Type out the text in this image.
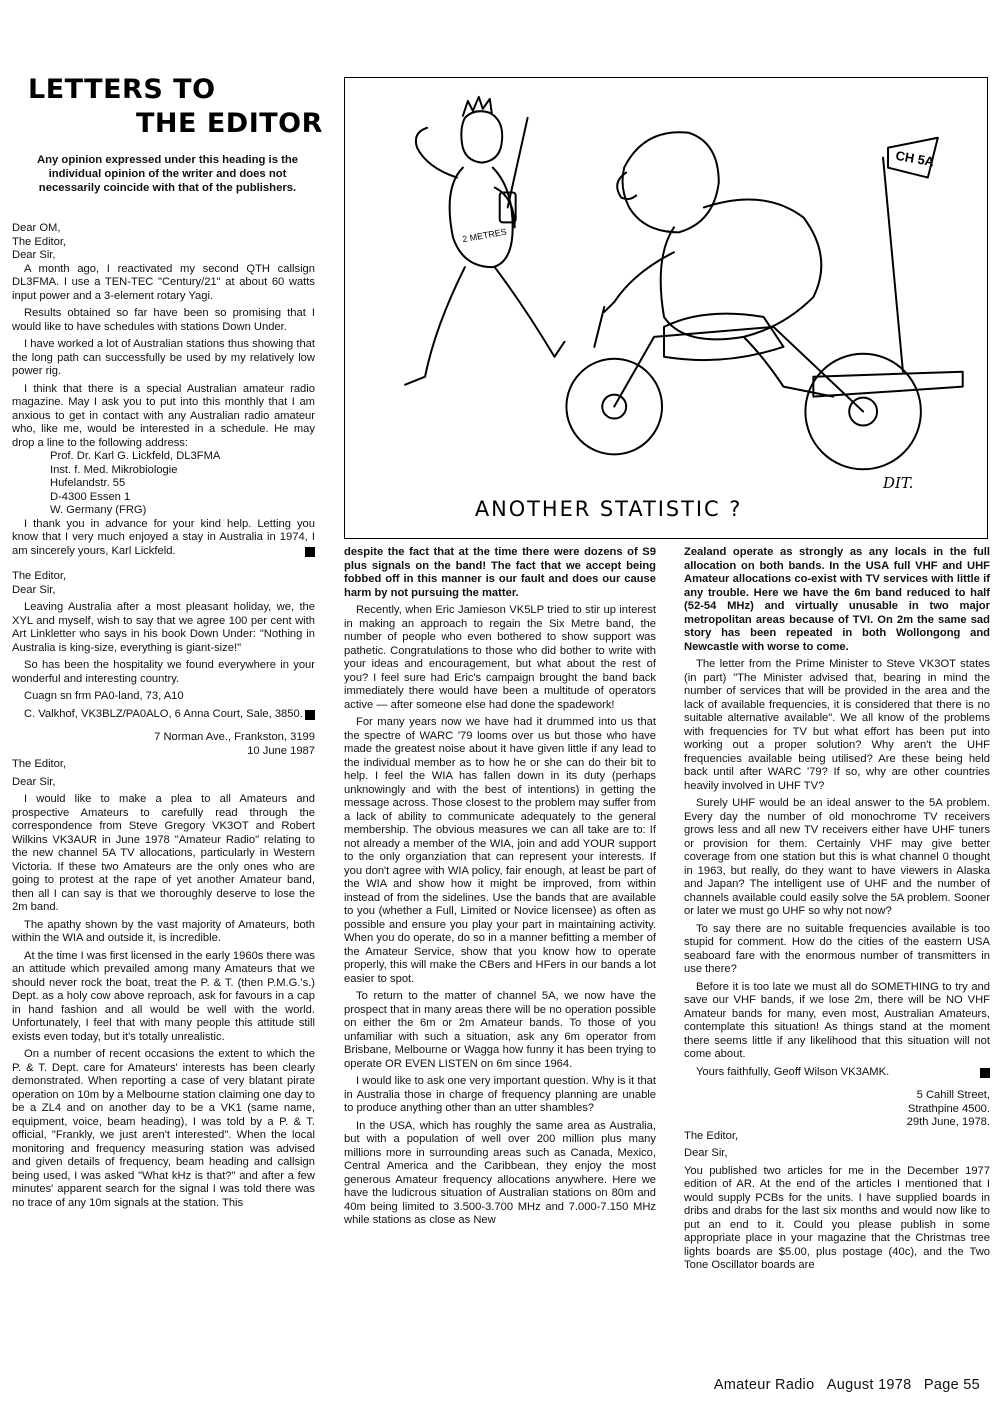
LETTERS TO
THE EDITOR
Any opinion expressed under this heading is the individual opinion of the writer and does not necessarily coincide with that of the publishers.

Dear OM,

The Editor,

Dear Sir,

A month ago, I reactivated my second QTH callsign DL3FMA. I use a TEN-TEC "Century/21" at about 60 watts input power and a 3-element rotary Yagi.

Results obtained so far have been so promising that I would like to have schedules with stations Down Under.

I have worked a lot of Australian stations thus showing that the long path can successfully be used by my relatively low power rig.

I think that there is a special Australian amateur radio magazine. May I ask you to put into this monthly that I am anxious to get in contact with any Australian radio amateur who, like me, would be interested in a schedule. He may drop a line to the following address:

Prof. Dr. Karl G. Lickfeld, DL3FMA

Inst. f. Med. Mikrobiologie

Hufelandstr. 55

D-4300 Essen 1

W. Germany (FRG)

I thank you in advance for your kind help. Letting you know that I very much enjoyed a stay in Australia in 1974, I am sincerely yours, Karl Lickfeld.

The Editor,

Dear Sir,

Leaving Australia after a most pleasant holiday, we, the XYL and myself, wish to say that we agree 100 per cent with Art Linkletter who says in his book Down Under: "Nothing in Australia is king-size, everything is giant-size!"

So has been the hospitality we found everywhere in your wonderful and interesting country.

Cuagn sn frm PA0-land, 73, A10

C. Valkhof, VK3BLZ/PA0ALO, 6 Anna Court, Sale, 3850.

7 Norman Ave., Frankston, 3199

10 June 1987

The Editor,

Dear Sir,

I would like to make a plea to all Amateurs and prospective Amateurs to carefully read through the correspondence from Steve Gregory VK3OT and Robert Wilkins VK3AUR in June 1978 "Amateur Radio" relating to the new channel 5A TV allocations, particularly in Western Victoria. If these two Amateurs are the only ones who are going to protest at the rape of yet another Amateur band, then all I can say is that we thoroughly deserve to lose the 2m band.

The apathy shown by the vast majority of Amateurs, both within the WIA and outside it, is incredible.

At the time I was first licensed in the early 1960s there was an attitude which prevailed among many Amateurs that we should never rock the boat, treat the P. & T. (then P.M.G.'s.) Dept. as a holy cow above reproach, ask for favours in a cap in hand fashion and all would be well with the world. Unfortunately, I feel that with many people this attitude still exists even today, but it's totally unrealistic.

On a number of recent occasions the extent to which the P. & T. Dept. care for Amateurs' interests has been clearly demonstrated. When reporting a case of very blatant pirate operation on 10m by a Melbourne station claiming one day to be a ZL4 and on another day to be a VK1 (same name, equipment, voice, beam heading), I was told by a P. & T. official, "Frankly, we just aren't interested". When the local monitoring and frequency measuring station was advised and given details of frequency, beam heading and callsign being used, I was asked "What kHz is that?" and after a few minutes' apparent search for the signal I was told there was no trace of any 10m signals at the station. This

2 METRES
CH 5A
DIT.
ANOTHER STATISTIC ?

despite the fact that at the time there were dozens of S9 plus signals on the band! The fact that we accept being fobbed off in this manner is our fault and does our cause harm by not pursuing the matter.

Recently, when Eric Jamieson VK5LP tried to stir up interest in making an approach to regain the Six Metre band, the number of people who even bothered to show support was pathetic. Congratulations to those who did bother to write with your ideas and encouragement, but what about the rest of you? I feel sure had Eric's campaign brought the band back immediately there would have been a multitude of operators active — after someone else had done the spadework!

For many years now we have had it drummed into us that the spectre of WARC '79 looms over us but those who have made the greatest noise about it have given little if any lead to the individual member as to how he or she can do their bit to help. I feel the WIA has fallen down in its duty (perhaps unknowingly and with the best of intentions) in getting the message across. Those closest to the problem may suffer from a lack of ability to communicate adequately to the general membership. The obvious measures we can all take are to: If not already a member of the WIA, join and add YOUR support to the only organziation that can represent your interests. If you don't agree with WIA policy, fair enough, at least be part of the WIA and show how it might be improved, from within instead of from the sidelines. Use the bands that are available to you (whether a Full, Limited or Novice licensee) as often as possible and ensure you play your part in maintaining activity. When you do operate, do so in a manner befitting a member of the Amateur Service, show that you know how to operate properly, this will make the CBers and HFers in our bands a lot easier to spot.

To return to the matter of channel 5A, we now have the prospect that in many areas there will be no operation possible on either the 6m or 2m Amateur bands. To those of you unfamiliar with such a situation, ask any 6m operator from Brisbane, Melbourne or Wagga how funny it has been trying to operate OR EVEN LISTEN on 6m since 1964.

I would like to ask one very important question. Why is it that in Australia those in charge of frequency planning are unable to produce anything other than an utter shambles?

In the USA, which has roughly the same area as Australia, but with a population of well over 200 million plus many millions more in surrounding areas such as Canada, Mexico, Central America and the Caribbean, they enjoy the most generous Amateur frequency allocations anywhere. Here we have the ludicrous situation of Australian stations on 80m and 40m being limited to 3.500-3.700 MHz and 7.000-7.150 MHz while stations as close as New

Zealand operate as strongly as any locals in the full allocation on both bands. In the USA full VHF and UHF Amateur allocations co-exist with TV services with little if any trouble. Here we have the 6m band reduced to half (52-54 MHz) and virtually unusable in two major metropolitan areas because of TVI. On 2m the same sad story has been repeated in both Wollongong and Newcastle with worse to come.

The letter from the Prime Minister to Steve VK3OT states (in part) "The Minister advised that, bearing in mind the number of services that will be provided in the area and the lack of available frequencies, it is considered that there is no suitable alternative available". We all know of the problems with frequencies for TV but what effort has been put into working out a proper solution? Why aren't the UHF frequencies available being utilised? Are these being held back until after WARC '79? If so, why are other countries heavily involved in UHF TV?

Surely UHF would be an ideal answer to the 5A problem. Every day the number of old monochrome TV receivers grows less and all new TV receivers either have UHF tuners or provision for them. Certainly VHF may give better coverage from one station but this is what channel 0 thought in 1963, but really, do they want to have viewers in Alaska and Japan? The intelligent use of UHF and the number of channels available could easily solve the 5A problem. Sooner or later we must go UHF so why not now?

To say there are no suitable frequencies available is too stupid for comment. How do the cities of the eastern USA seaboard fare with the enormous number of transmitters in use there?

Before it is too late we must all do SOMETHING to try and save our VHF bands, if we lose 2m, there will be NO VHF Amateur bands for many, even most, Australian Amateurs, contemplate this situation! As things stand at the moment there seems little if any likelihood that this situation will not come about.

Yours faithfully, Geoff Wilson VK3AMK.

5 Cahill Street,

Strathpine 4500.

29th June, 1978.

The Editor,

Dear Sir,

You published two articles for me in the December 1977 edition of AR. At the end of the articles I mentioned that I would supply PCBs for the units. I have supplied boards in dribs and drabs for the last six months and would now like to put an end to it. Could you please publish in some appropriate place in your magazine that the Christmas tree lights boards are $5.00, plus postage (40c), and the Two Tone Oscillator boards are

Amateur Radio August 1978 Page 55
